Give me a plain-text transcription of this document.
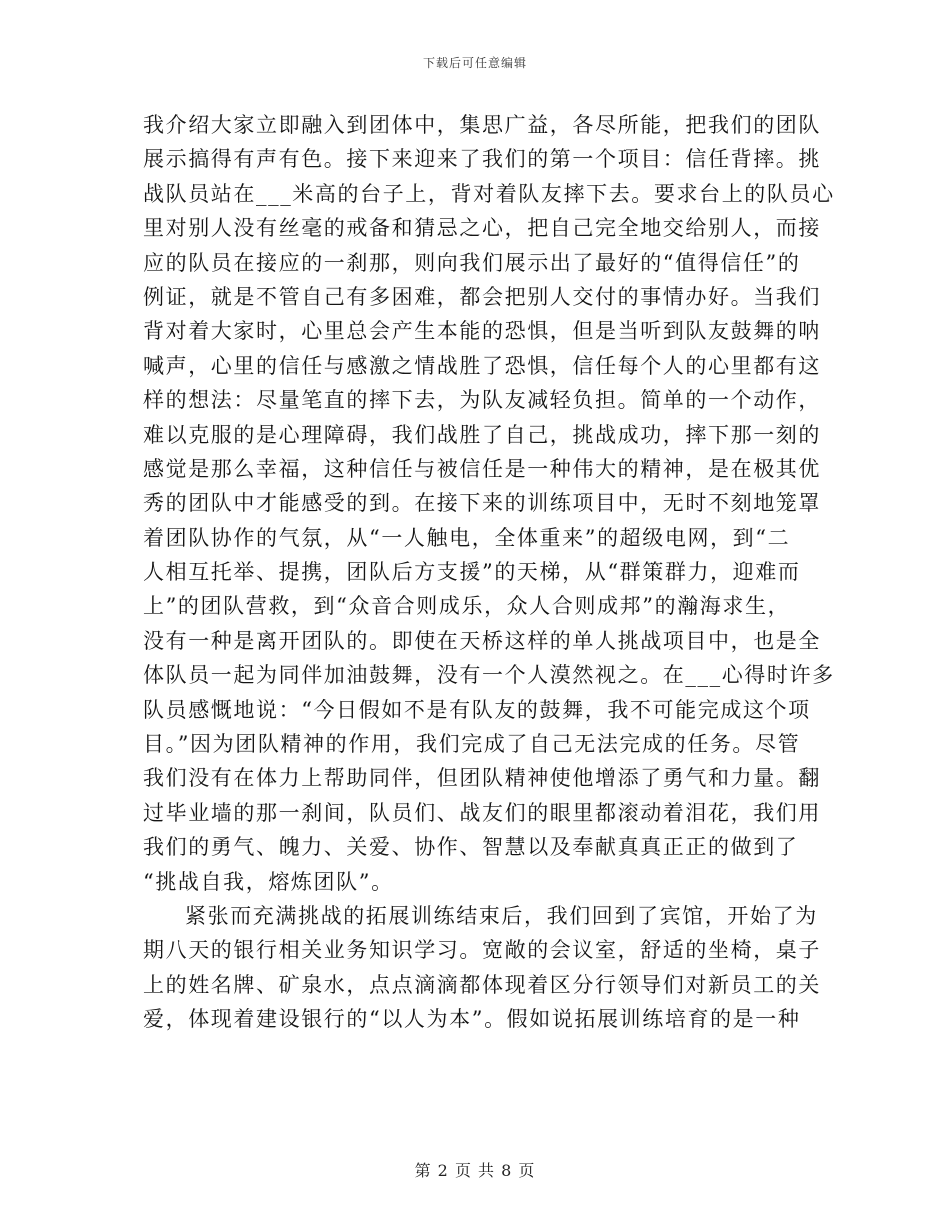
下载后可任意编辑
我介绍大家立即融入到团体中，集思广益，各尽所能，把我们的团队
展示搞得有声有色。接下来迎来了我们的第一个项目：信任背摔。挑
战队员站在___米高的台子上，背对着队友摔下去。要求台上的队员心
里对别人没有丝毫的戒备和猜忌之心，把自己完全地交给别人，而接
应的队员在接应的一刹那，则向我们展示出了最好的“值得信任”的
例证，就是不管自己有多困难，都会把别人交付的事情办好。当我们
背对着大家时，心里总会产生本能的恐惧，但是当听到队友鼓舞的呐
喊声，心里的信任与感激之情战胜了恐惧，信任每个人的心里都有这
样的想法：尽量笔直的摔下去，为队友减轻负担。简单的一个动作，
难以克服的是心理障碍，我们战胜了自己，挑战成功，摔下那一刻的
感觉是那么幸福，这种信任与被信任是一种伟大的精神，是在极其优
秀的团队中才能感受的到。在接下来的训练项目中，无时不刻地笼罩
着团队协作的气氛，从“一人触电，全体重来”的超级电网，到“二
人相互托举、提携，团队后方支援”的天梯，从“群策群力，迎难而
上”的团队营救，到“众音合则成乐，众人合则成邦”的瀚海求生，
没有一种是离开团队的。即使在天桥这样的单人挑战项目中，也是全
体队员一起为同伴加油鼓舞，没有一个人漠然视之。在___心得时许多
队员感慨地说：“今日假如不是有队友的鼓舞，我不可能完成这个项
目。”因为团队精神的作用，我们完成了自己无法完成的任务。尽管
我们没有在体力上帮助同伴，但团队精神使他增添了勇气和力量。翻
过毕业墙的那一刹间，队员们、战友们的眼里都滚动着泪花，我们用
我们的勇气、魄力、关爱、协作、智慧以及奉献真真正正的做到了
“挑战自我，熔炼团队”。
紧张而充满挑战的拓展训练结束后，我们回到了宾馆，开始了为
期八天的银行相关业务知识学习。宽敞的会议室，舒适的坐椅，桌子
上的姓名牌、矿泉水，点点滴滴都体现着区分行领导们对新员工的关
爱，体现着建设银行的“以人为本”。假如说拓展训练培育的是一种
第 2 页 共 8 页
